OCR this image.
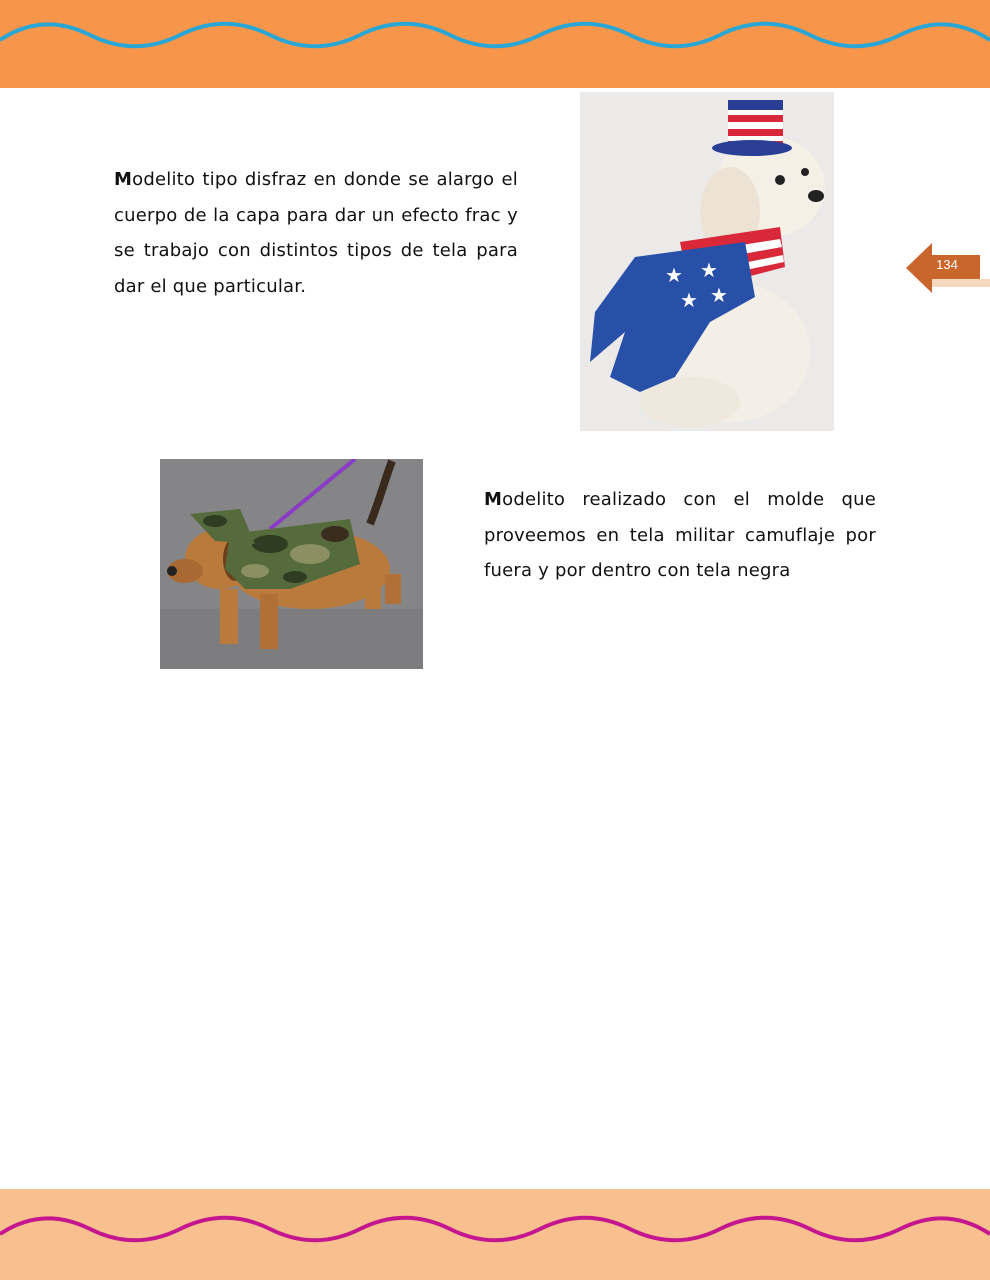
Modelito tipo disfraz en donde se alargo el cuerpo de la capa para dar un efecto frac y se trabajo con distintos tipos de tela para dar el que particular.	★
★
★
★

Modelito realizado con el molde que proveemos en tela militar camuflaje por fuera y por dentro con tela negra

134
